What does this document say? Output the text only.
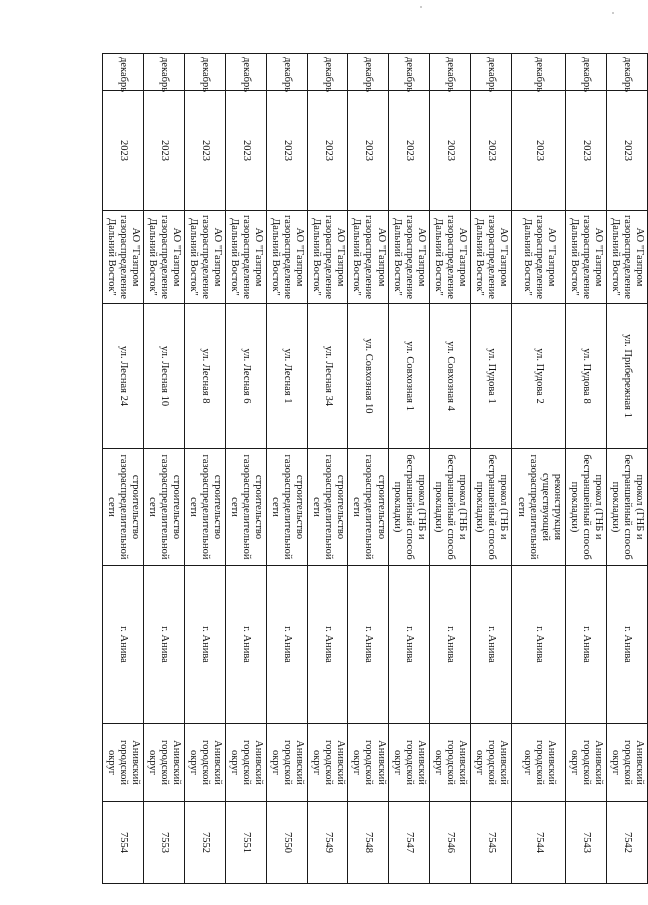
декабрь	2023	АО "Газпром газораспределение Дальний Восток"	ул. Прибережная 1	прокол (ГНБ и бестраншейный способ прокладки)	г. Анива	Анивский городской округ	7542
декабрь	2023	АО "Газпром газораспределение Дальний Восток"	ул. Пудова 8	прокол (ГНБ и бестраншейный способ прокладки)	г. Анива	Анивский городской округ	7543
декабрь	2023	АО "Газпром газораспределение Дальний Восток"	ул. Пудова 2	реконструкция существующей газораспределительной сети	г. Анива	Анивский городской округ	7544
декабрь	2023	АО "Газпром газораспределение Дальний Восток"	ул. Пудова 1	прокол (ГНБ и бестраншейный способ прокладки)	г. Анива	Анивский городской округ	7545
декабрь	2023	АО "Газпром газораспределение Дальний Восток"	ул. Совхозная 4	прокол (ГНБ и бестраншейный способ прокладки)	г. Анива	Анивский городской округ	7546
декабрь	2023	АО "Газпром газораспределение Дальний Восток"	ул. Совхозная 1	прокол (ГНБ и бестраншейный способ прокладки)	г. Анива	Анивский городской округ	7547
декабрь	2023	АО "Газпром газораспределение Дальний Восток"	ул. Совхозная 10	строительство газораспределительной сети	г. Анива	Анивский городской округ	7548
декабрь	2023	АО "Газпром газораспределение Дальний Восток"	ул. Лесная 34	строительство газораспределительной сети	г. Анива	Анивский городской округ	7549
декабрь	2023	АО "Газпром газораспределение Дальний Восток"	ул. Лесная 1	строительство газораспределительной сети	г. Анива	Анивский городской округ	7550
декабрь	2023	АО "Газпром газораспределение Дальний Восток"	ул. Лесная 6	строительство газораспределительной сети	г. Анива	Анивский городской округ	7551
декабрь	2023	АО "Газпром газораспределение Дальний Восток"	ул. Лесная 8	строительство газораспределительной сети	г. Анива	Анивский городской округ	7552
декабрь	2023	АО "Газпром газораспределение Дальний Восток"	ул. Лесная 10	строительство газораспределительной сети	г. Анива	Анивский городской округ	7553
декабрь	2023	АО "Газпром газораспределение Дальний Восток"	ул. Лесная 24	строительство газораспределительной сети	г. Анива	Анивский городской округ	7554
